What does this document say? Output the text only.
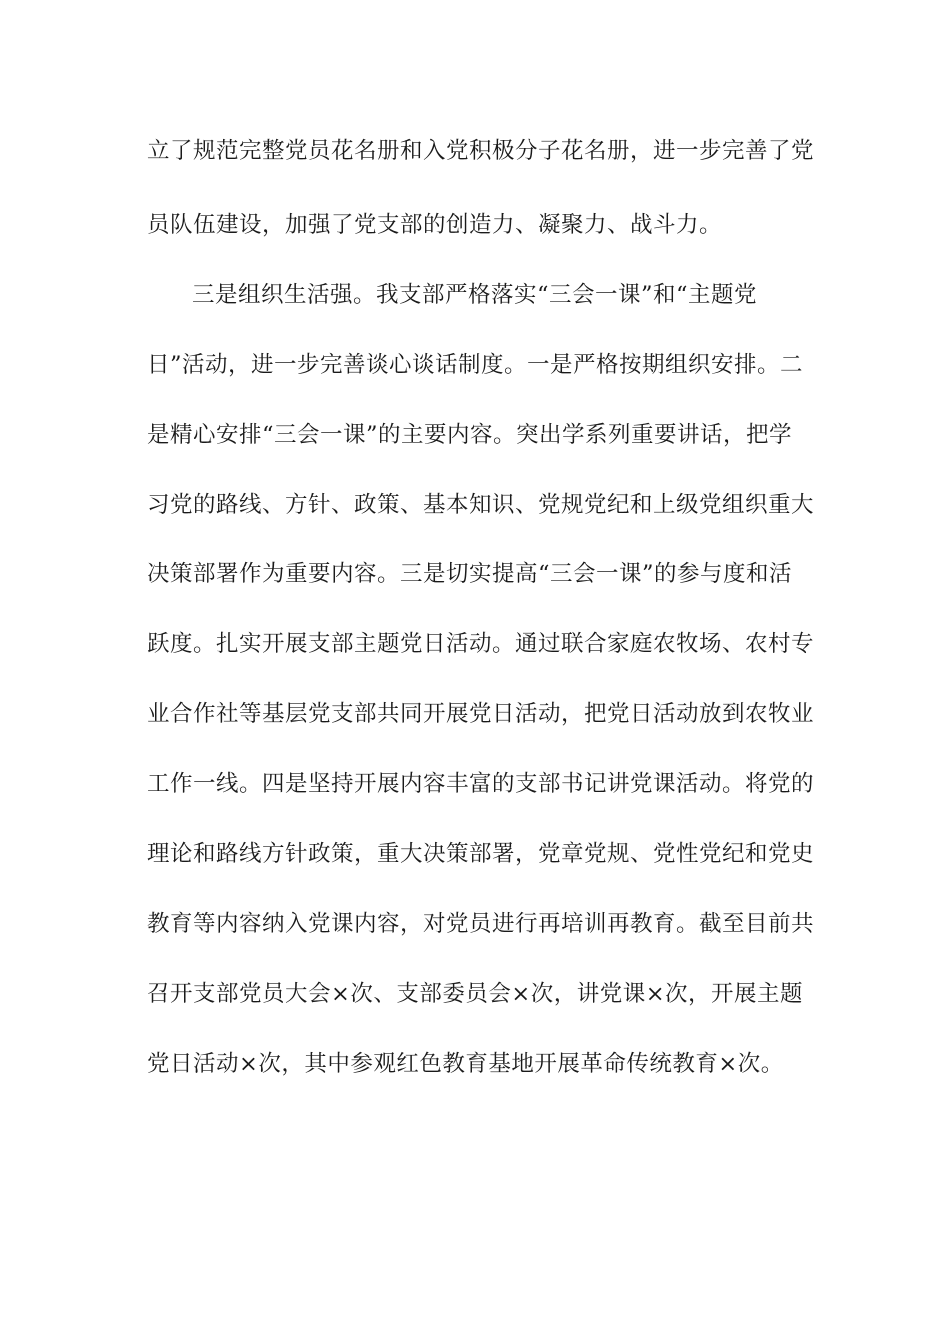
立了规范完整党员花名册和入党积极分子花名册，进一步完善了党
员队伍建设，加强了党支部的创造力、凝聚力、战斗力。
三是组织生活强。我支部严格落实“三会一课”和“主题党
日”活动，进一步完善谈心谈话制度。一是严格按期组织安排。二
是精心安排“三会一课”的主要内容。突出学系列重要讲话，把学
习党的路线、方针、政策、基本知识、党规党纪和上级党组织重大
决策部署作为重要内容。三是切实提高“三会一课”的参与度和活
跃度。扎实开展支部主题党日活动。通过联合家庭农牧场、农村专
业合作社等基层党支部共同开展党日活动，把党日活动放到农牧业
工作一线。四是坚持开展内容丰富的支部书记讲党课活动。将党的
理论和路线方针政策，重大决策部署，党章党规、党性党纪和党史
教育等内容纳入党课内容，对党员进行再培训再教育。截至目前共
召开支部党员大会×次、支部委员会×次，讲党课×次，开展主题
党日活动×次，其中参观红色教育基地开展革命传统教育×次。
